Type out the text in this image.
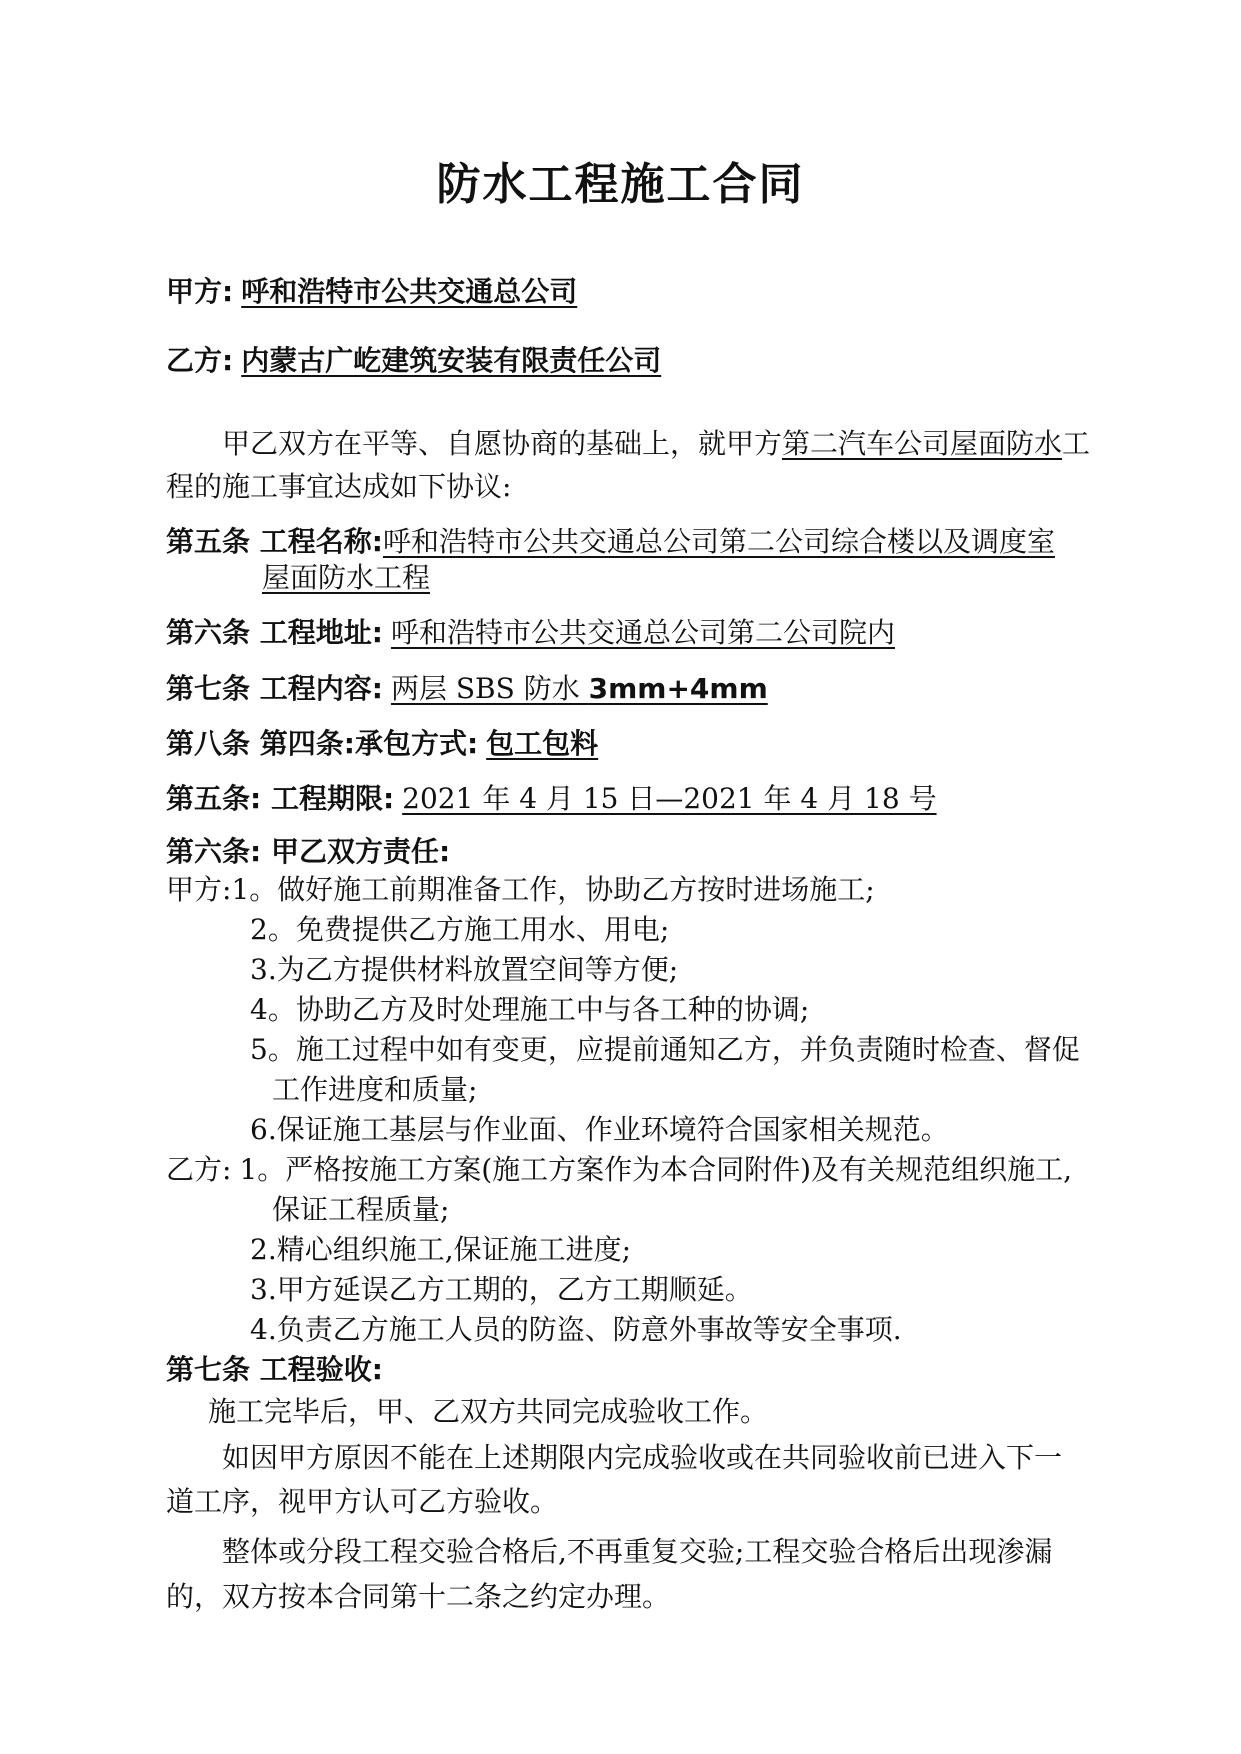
防水工程施工合同
甲方: 呼和浩特市公共交通总公司
乙方: 内蒙古广屹建筑安装有限责任公司
甲乙双方在平等、自愿协商的基础上，就甲方第二汽车公司屋面防水工
程的施工事宜达成如下协议:
第五条 工程名称:呼和浩特市公共交通总公司第二公司综合楼以及调度室
屋面防水工程
第六条 工程地址: 呼和浩特市公共交通总公司第二公司院内
第七条 工程内容: 两层 SBS 防水 3mm+4mm
第八条 第四条:承包方式: 包工包料
第五条: 工程期限: 2021 年 4 月 15 日—2021 年 4 月 18 号
第六条: 甲乙双方责任:
甲方:1。做好施工前期准备工作，协助乙方按时进场施工;
2。免费提供乙方施工用水、用电;
3.为乙方提供材料放置空间等方便;
4。协助乙方及时处理施工中与各工种的协调;
5。施工过程中如有变更，应提前通知乙方，并负责随时检查、督促
工作进度和质量;
6.保证施工基层与作业面、作业环境符合国家相关规范。
乙方: 1。严格按施工方案(施工方案作为本合同附件)及有关规范组织施工,
保证工程质量;
2.精心组织施工,保证施工进度;
3.甲方延误乙方工期的，乙方工期顺延。
4.负责乙方施工人员的防盗、防意外事故等安全事项.
第七条 工程验收:
施工完毕后，甲、乙双方共同完成验收工作。
如因甲方原因不能在上述期限内完成验收或在共同验收前已进入下一
道工序，视甲方认可乙方验收。
整体或分段工程交验合格后,不再重复交验;工程交验合格后出现渗漏
的，双方按本合同第十二条之约定办理。
